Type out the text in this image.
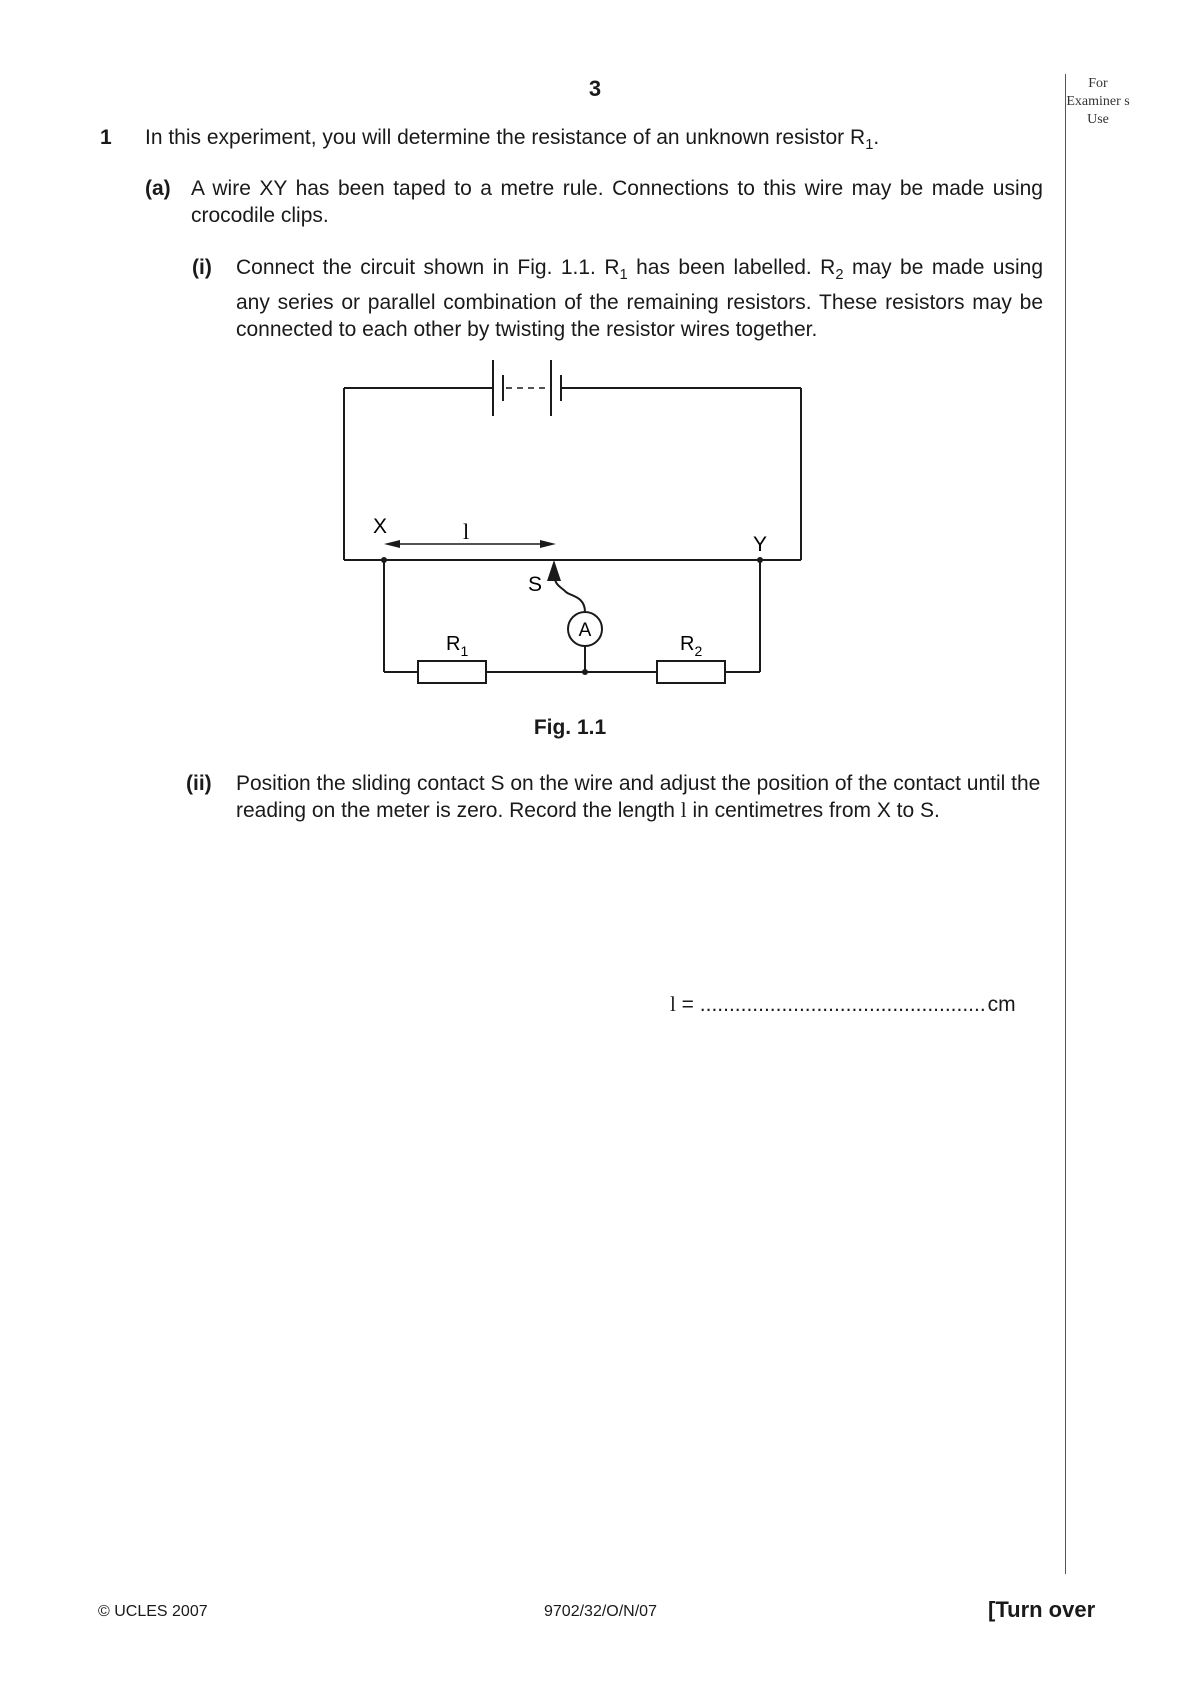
3	For
Examiner s
Use
1 In this experiment, you will determine the resistance of an unknown resistor $R_1$.
(a) A wire XY has been taped to a metre rule. Connections to this wire may be made using crocodile clips.
(i) Connect the circuit shown in Fig. 1.1. $R_1$ has been labelled. $R_2$ may be made using any series or parallel combination of the remaining resistors. These resistors may be connected to each other by twisting the resistor wires together.
X
Y
l
S
A
$R_1$	$R_2$
Fig. 1.1
(ii) Position the sliding contact S on the wire and adjust the position of the contact until the reading on the meter is zero. Record the length l in centimetres from X to S.
l = .................................................cm
© UCLES 2007	9702/32/O/N/07	[Turn over
